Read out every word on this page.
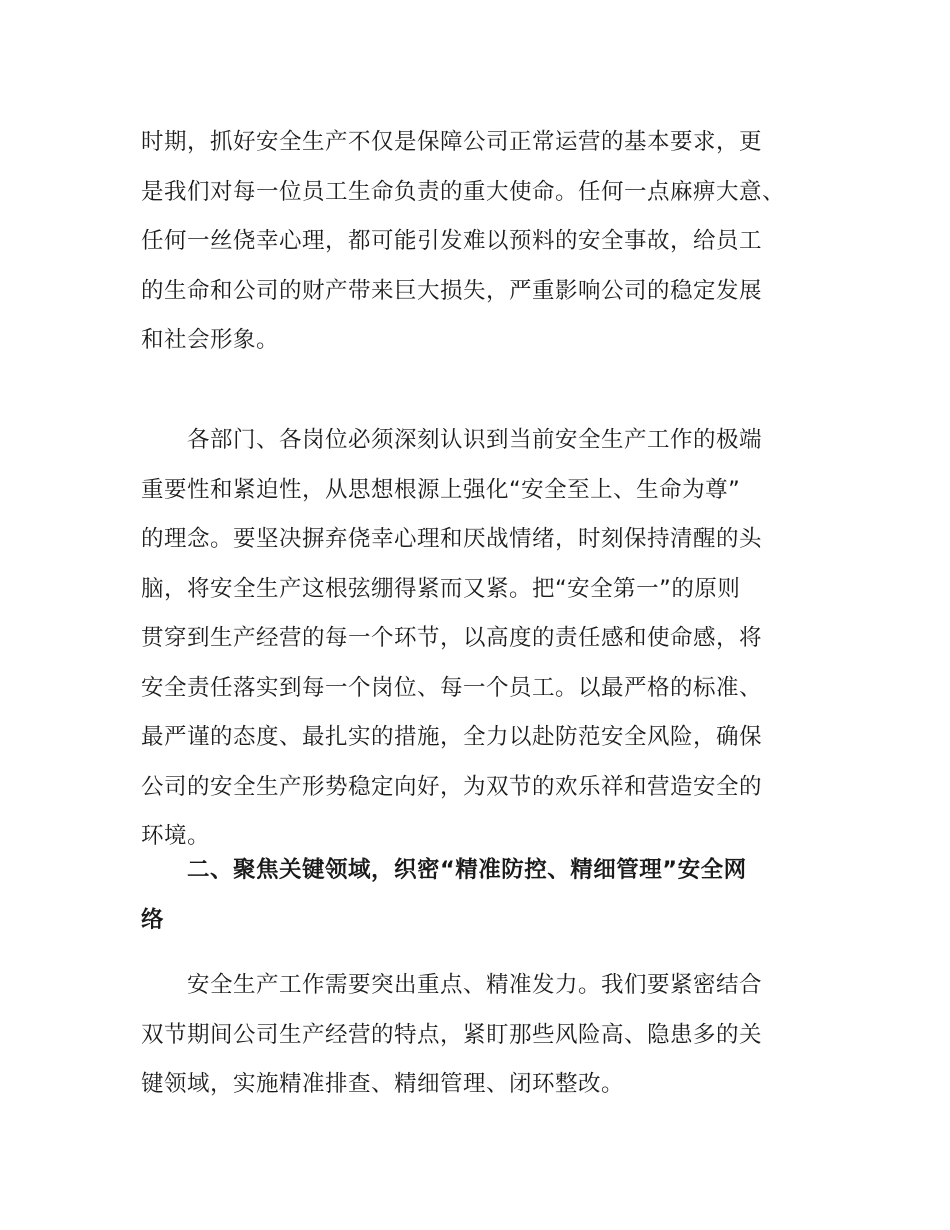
时期，抓好安全生产不仅是保障公司正常运营的基本要求，更
是我们对每一位员工生命负责的重大使命。任何一点麻痹大意、
任何一丝侥幸心理，都可能引发难以预料的安全事故，给员工
的生命和公司的财产带来巨大损失，严重影响公司的稳定发展
和社会形象。
各部门、各岗位必须深刻认识到当前安全生产工作的极端
重要性和紧迫性，从思想根源上强化“安全至上、生命为尊”
的理念。要坚决摒弃侥幸心理和厌战情绪，时刻保持清醒的头
脑，将安全生产这根弦绷得紧而又紧。把“安全第一”的原则
贯穿到生产经营的每一个环节，以高度的责任感和使命感，将
安全责任落实到每一个岗位、每一个员工。以最严格的标准、
最严谨的态度、最扎实的措施，全力以赴防范安全风险，确保
公司的安全生产形势稳定向好，为双节的欢乐祥和营造安全的
环境。
二、聚焦关键领域，织密“精准防控、精细管理”安全网
络
安全生产工作需要突出重点、精准发力。我们要紧密结合
双节期间公司生产经营的特点，紧盯那些风险高、隐患多的关
键领域，实施精准排查、精细管理、闭环整改。
